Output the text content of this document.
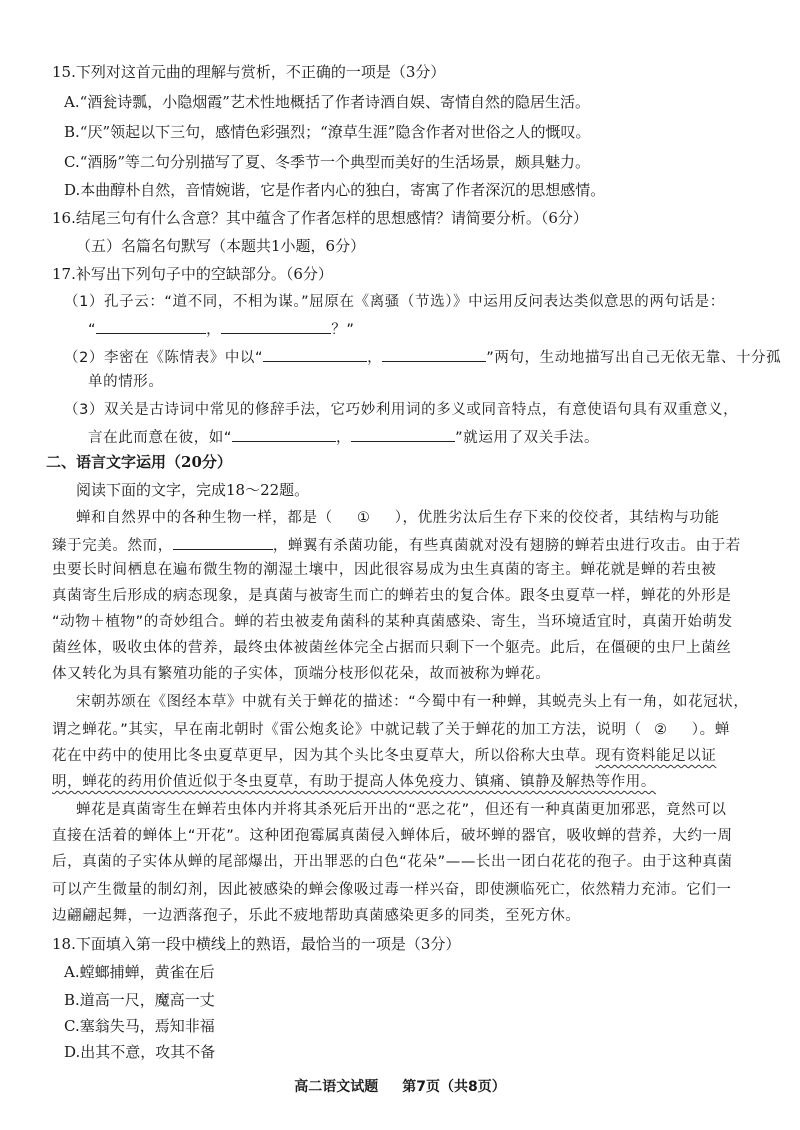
15.下列对这首元曲的理解与赏析，不正确的一项是（3分）
A.“酒瓮诗瓢，小隐烟霞”艺术性地概括了作者诗酒自娱、寄情自然的隐居生活。
B.“厌”领起以下三句，感情色彩强烈；“潦草生涯”隐含作者对世俗之人的慨叹。
C.“酒肠”等二句分别描写了夏、冬季节一个典型而美好的生活场景，颇具魅力。
D.本曲醇朴自然，音情婉谐，它是作者内心的独白，寄寓了作者深沉的思想感情。
16.结尾三句有什么含意？其中蕴含了作者怎样的思想感情？请简要分析。（6分）
（五）名篇名句默写（本题共1小题，6分）
17.补写出下列句子中的空缺部分。（6分）
（1）孔子云：“道不同，不相为谋。”屈原在《离骚（节选）》中运用反问表达类似意思的两句话是：
“	，	？”
（2）李密在《陈情表》中以“	，	”两句，生动地描写出自己无依无靠、十分孤
单的情形。
（3）双关是古诗词中常见的修辞手法，它巧妙利用词的多义或同音特点，有意使语句具有双重意义，
言在此而意在彼，如“	，	”就运用了双关手法。
二、语言文字运用（20分）
阅读下面的文字，完成18～22题。
蝉和自然界中的各种生物一样，都是（ ① ），优胜劣汰后生存下来的佼佼者，其结构与功能
臻于完美。然而，	，蝉翼有杀菌功能，有些真菌就对没有翅膀的蝉若虫进行攻击。由于若
虫要长时间栖息在遍布微生物的潮湿土壤中，因此很容易成为虫生真菌的寄主。蝉花就是蝉的若虫被
真菌寄生后形成的病态现象，是真菌与被寄生而亡的蝉若虫的复合体。跟冬虫夏草一样，蝉花的外形是
“动物＋植物”的奇妙组合。蝉的若虫被麦角菌科的某种真菌感染、寄生，当环境适宜时，真菌开始萌发
菌丝体，吸收虫体的营养，最终虫体被菌丝体完全占据而只剩下一个躯壳。此后，在僵硬的虫尸上菌丝
体又转化为具有繁殖功能的子实体，顶端分枝形似花朵，故而被称为蝉花。
宋朝苏颂在《图经本草》中就有关于蝉花的描述：“今蜀中有一种蝉，其蜕壳头上有一角，如花冠状，
谓之蝉花。”其实，早在南北朝时《雷公炮炙论》中就记载了关于蝉花的加工方法，说明（ ② ）。蝉
花在中药中的使用比冬虫夏草更早，因为其个头比冬虫夏草大，所以俗称大虫草。现有资料能足以证
明，蝉花的药用价值近似于冬虫夏草，有助于提高人体免疫力、镇痛、镇静及解热等作用。
蝉花是真菌寄生在蝉若虫体内并将其杀死后开出的“恶之花”，但还有一种真菌更加邪恶，竟然可以
直接在活着的蝉体上“开花”。这种团孢霉属真菌侵入蝉体后，破坏蝉的器官，吸收蝉的营养，大约一周
后，真菌的子实体从蝉的尾部爆出，开出罪恶的白色“花朵”——长出一团白花花的孢子。由于这种真菌
可以产生微量的制幻剂，因此被感染的蝉会像吸过毒一样兴奋，即使濒临死亡，依然精力充沛。它们一
边翩翩起舞，一边洒落孢子，乐此不疲地帮助真菌感染更多的同类，至死方休。
18.下面填入第一段中横线上的熟语，最恰当的一项是（3分）
A.螳螂捕蝉，黄雀在后
B.道高一尺，魔高一丈
C.塞翁失马，焉知非福
D.出其不意，攻其不备
高二语文试题 第7页（共8页）
